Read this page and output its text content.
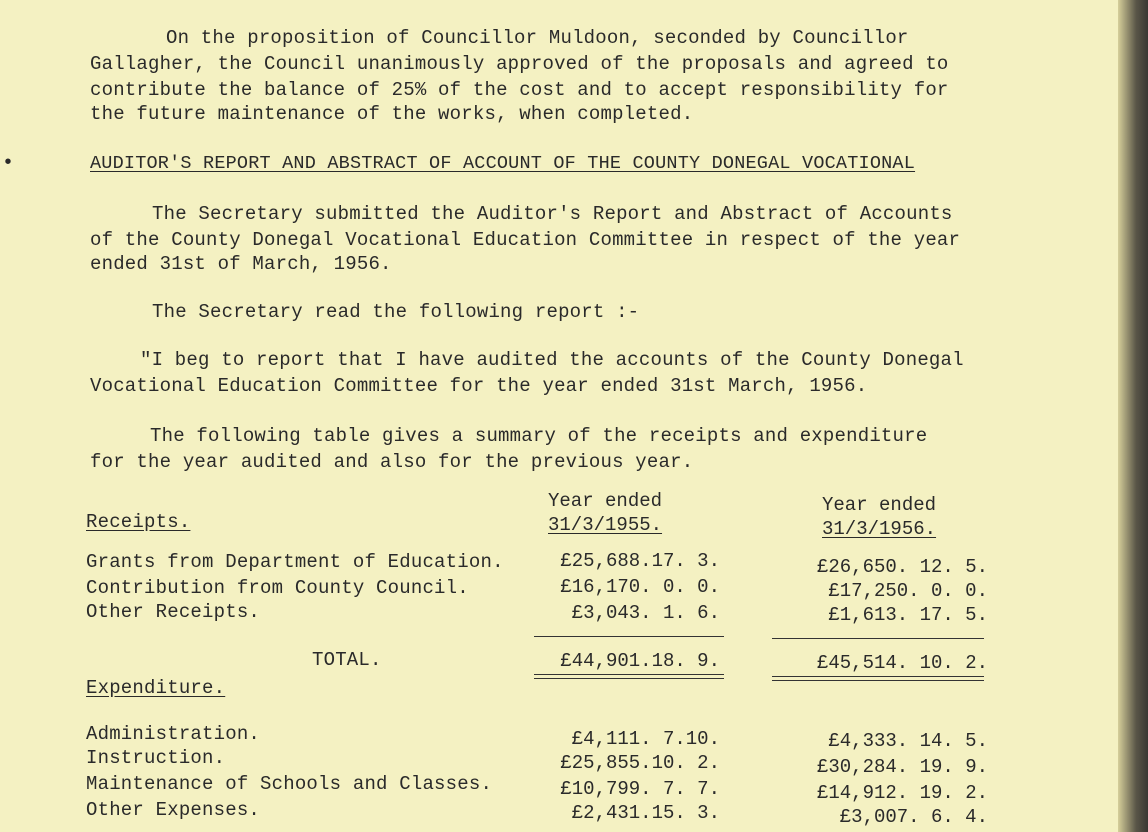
•
On the proposition of Councillor Muldoon, seconded by Councillor
Gallagher, the Council unanimously approved of the proposals and agreed to
contribute the balance of 25% of the cost and to accept responsibility for
the future maintenance of the works, when completed.
AUDITOR'S REPORT AND ABSTRACT OF ACCOUNT OF THE COUNTY DONEGAL VOCATIONAL
The Secretary submitted the Auditor's Report and Abstract of Accounts
of the County Donegal Vocational Education Committee in respect of the year
ended 31st of March, 1956.
The Secretary read the following report :-
"I beg to report that I have audited the accounts of the County Donegal
Vocational Education Committee for the year ended 31st March, 1956.
The following table gives a summary of the receipts and expenditure
for the year audited and also for the previous year.
Year ended
31/3/1955.
Year ended
31/3/1956.
Receipts.
Grants from Department of Education.	£25,688.17. 3.	£26,650. 12. 5.
Contribution from County Council.	£16,170. 0. 0.	£17,250. 0. 0.
Other Receipts.	£3,043. 1. 6.	£1,613. 17. 5.
TOTAL.	£44,901.18. 9.	£45,514. 10. 2.
Expenditure.
Administration.	£4,111. 7.10.	£4,333. 14. 5.
Instruction.	£25,855.10. 2.	£30,284. 19. 9.
Maintenance of Schools and Classes.	£10,799. 7. 7.	£14,912. 19. 2.
Other Expenses.	£2,431.15. 3.	£3,007. 6. 4.
